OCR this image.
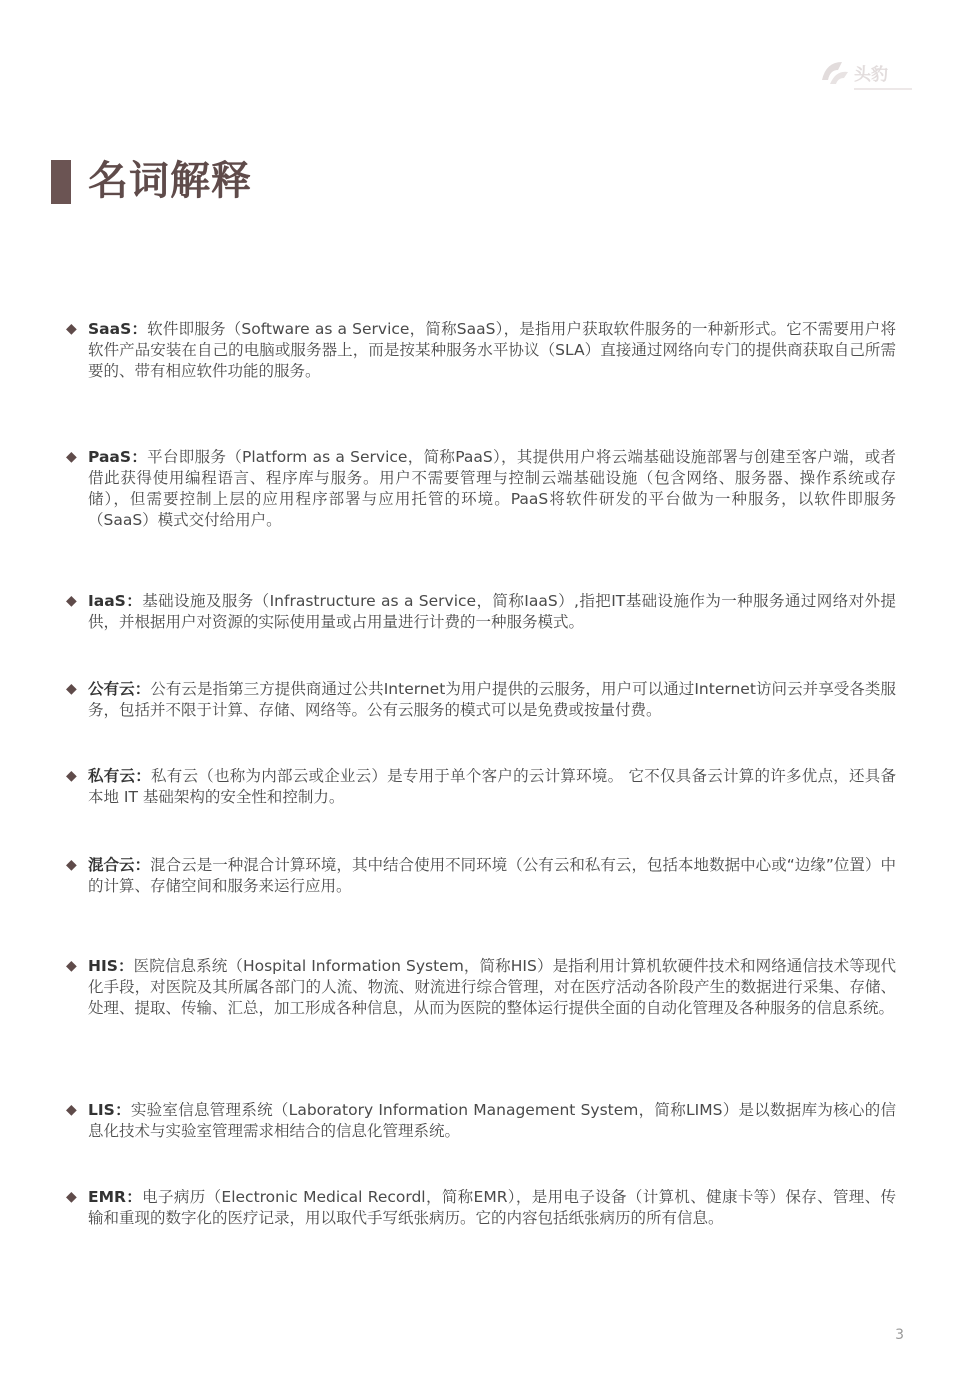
头豹
名词解释
◆ SaaS：软件即服务（Software as a Service，简称SaaS），是指用户获取软件服务的一种新形式。它不需要用户将软件产品安装在自己的电脑或服务器上，而是按某种服务水平协议（SLA）直接通过网络向专门的提供商获取自己所需要的、带有相应软件功能的服务。
◆ PaaS：平台即服务（Platform as a Service，简称PaaS），其提供用户将云端基础设施部署与创建至客户端，或者借此获得使用编程语言、程序库与服务。用户不需要管理与控制云端基础设施（包含网络、服务器、操作系统或存储），但需要控制上层的应用程序部署与应用托管的环境。PaaS将软件研发的平台做为一种服务，以软件即服务（SaaS）模式交付给用户。
◆ IaaS：基础设施及服务（Infrastructure as a Service，简称IaaS）,指把IT基础设施作为一种服务通过网络对外提供，并根据用户对资源的实际使用量或占用量进行计费的一种服务模式。
◆ 公有云：公有云是指第三方提供商通过公共Internet为用户提供的云服务，用户可以通过Internet访问云并享受各类服务，包括并不限于计算、存储、网络等。公有云服务的模式可以是免费或按量付费。
◆ 私有云：私有云（也称为内部云或企业云）是专用于单个客户的云计算环境。 它不仅具备云计算的许多优点，还具备本地 IT 基础架构的安全性和控制力。
◆ 混合云：混合云是一种混合计算环境，其中结合使用不同环境（公有云和私有云，包括本地数据中心或“边缘”位置）中的计算、存储空间和服务来运行应用。
◆ HIS：医院信息系统（Hospital Information System，简称HIS）是指利用计算机软硬件技术和网络通信技术等现代化手段，对医院及其所属各部门的人流、物流、财流进行综合管理，对在医疗活动各阶段产生的数据进行采集、存储、处理、提取、传输、汇总，加工形成各种信息，从而为医院的整体运行提供全面的自动化管理及各种服务的信息系统。
◆ LIS：实验室信息管理系统（Laboratory Information Management System，简称LIMS）是以数据库为核心的信息化技术与实验室管理需求相结合的信息化管理系统。
◆ EMR：电子病历（Electronic Medical Recordl，简称EMR），是用电子设备（计算机、健康卡等）保存、管理、传输和重现的数字化的医疗记录，用以取代手写纸张病历。它的内容包括纸张病历的所有信息。
3
